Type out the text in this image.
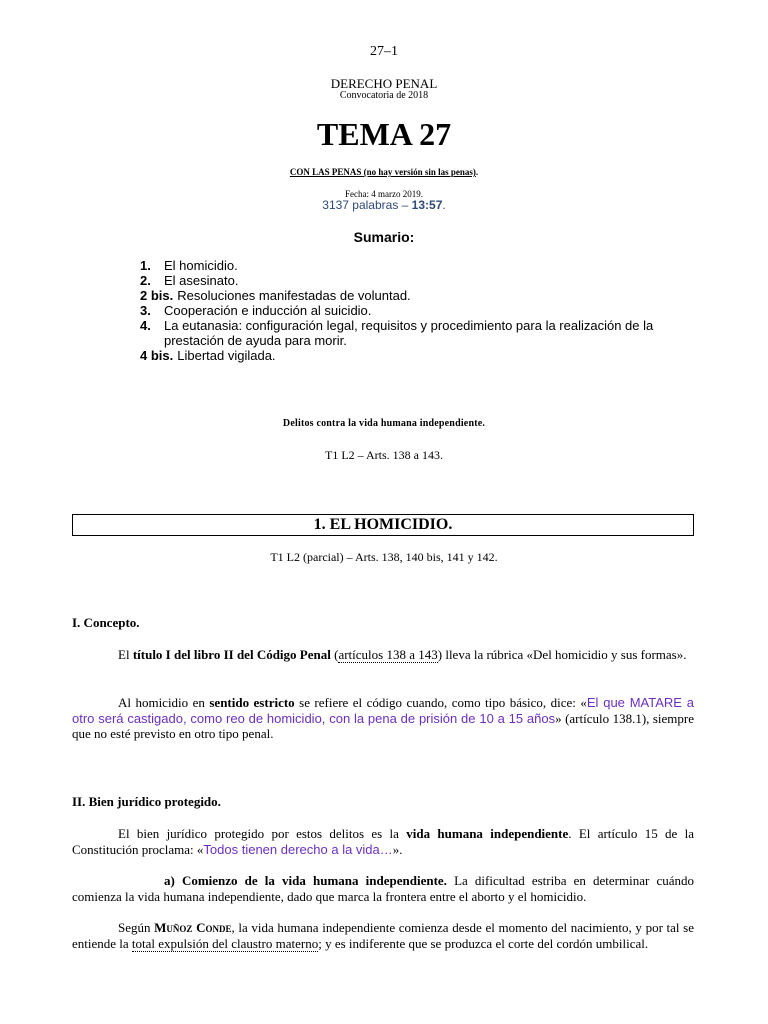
27–1
DERECHO PENAL
Convocatoria de 2018
TEMA 27
CON LAS PENAS (no hay versión sin las penas).
Fecha: 4 marzo 2019.
3137 palabras – 13:57.
Sumario:
1.	El homicidio.
2.	El asesinato.
2 bis. Resoluciones manifestadas de voluntad.
3.	Cooperación e inducción al suicidio.
4.	La eutanasia: configuración legal, requisitos y procedimiento para la realización de la prestación de ayuda para morir.
4 bis. Libertad vigilada.
Delitos contra la vida humana independiente.
T1 L2 – Arts. 138 a 143.
1. EL HOMICIDIO.
T1 L2 (parcial) – Arts. 138, 140 bis, 141 y 142.
I. Concepto.
El título I del libro II del Código Penal (artículos 138 a 143) lleva la rúbrica «Del homicidio y sus formas».
Al homicidio en sentido estricto se refiere el código cuando, como tipo básico, dice: «El que MATARE a otro será castigado, como reo de homicidio, con la pena de prisión de 10 a 15 años» (artículo 138.1), siempre que no esté previsto en otro tipo penal.
II. Bien jurídico protegido.
El bien jurídico protegido por estos delitos es la vida humana independiente. El artículo 15 de la Constitución proclama: «Todos tienen derecho a la vida…».
a) Comienzo de la vida humana independiente. La dificultad estriba en determinar cuándo comienza la vida humana independiente, dado que marca la frontera entre el aborto y el homicidio.
Según Muñoz Conde, la vida humana independiente comienza desde el momento del nacimiento, y por tal se entiende la total expulsión del claustro materno; y es indiferente que se produzca el corte del cordón umbilical.
